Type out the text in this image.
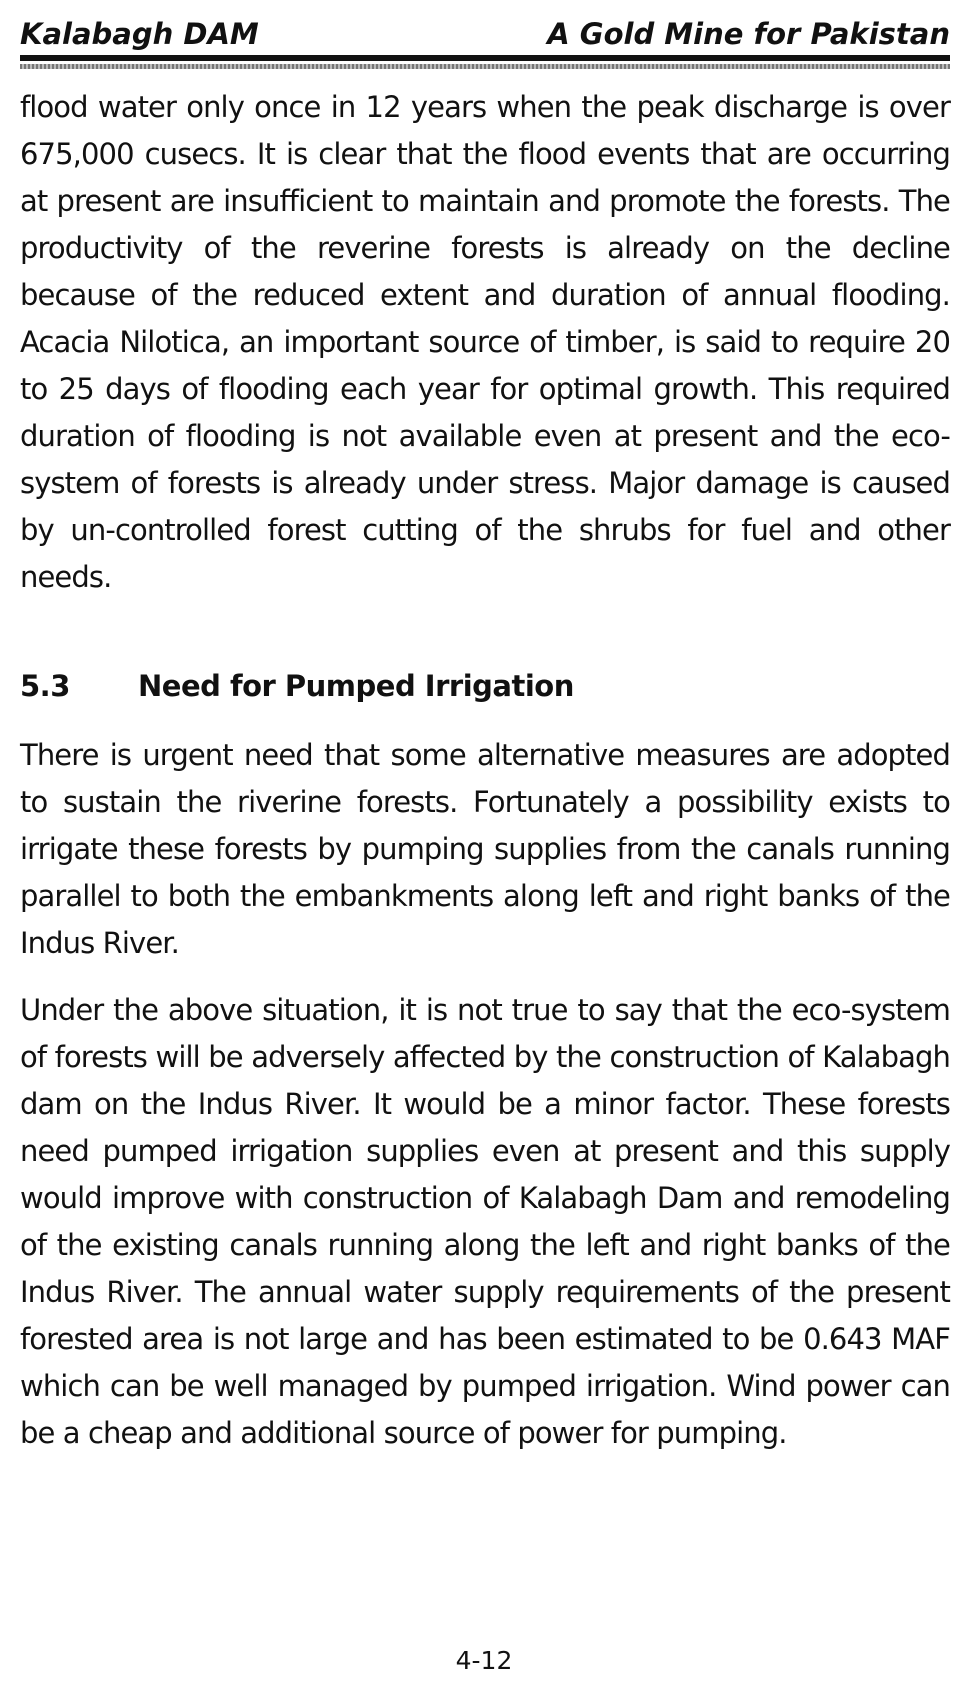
Kalabagh DAM	A Gold Mine for Pakistan
flood water only once in 12 years when the peak discharge is over 675,000 cusecs. It is clear that the flood events that are occurring at present are insufficient to maintain and promote the forests. The productivity of the reverine forests is already on the decline because of the reduced extent and duration of annual flooding. Acacia Nilotica, an important source of timber, is said to require 20 to 25 days of flooding each year for optimal growth. This required duration of flooding is not available even at present and the eco-system of forests is already under stress. Major damage is caused by un-controlled forest cutting of the shrubs for fuel and other needs.
5.3 Need for Pumped Irrigation
There is urgent need that some alternative measures are adopted to sustain the riverine forests. Fortunately a possibility exists to irrigate these forests by pumping supplies from the canals running parallel to both the embankments along left and right banks of the Indus River.
Under the above situation, it is not true to say that the eco-system of forests will be adversely affected by the construction of Kalabagh dam on the Indus River. It would be a minor factor. These forests need pumped irrigation supplies even at present and this supply would improve with construction of Kalabagh Dam and remodeling of the existing canals running along the left and right banks of the Indus River. The annual water supply requirements of the present forested area is not large and has been estimated to be 0.643 MAF which can be well managed by pumped irrigation. Wind power can be a cheap and additional source of power for pumping.
4-12
